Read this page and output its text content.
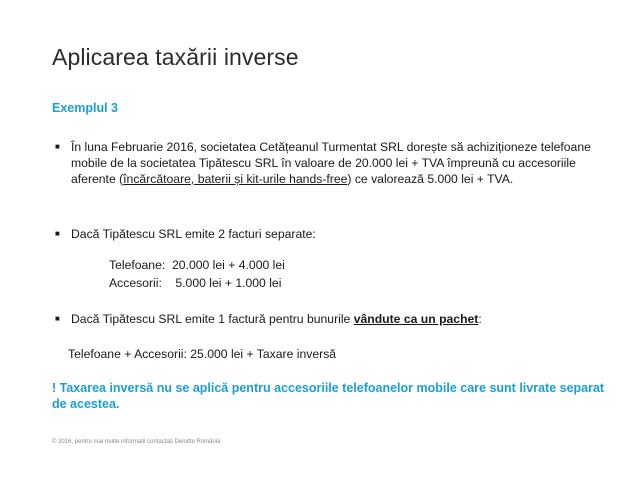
Aplicarea taxării inverse
Exemplul 3
■ În luna Februarie 2016, societatea Cetățeanul Turmentat SRL dorește să achiziționeze telefoane mobile de la societatea Tipătescu SRL în valoare de 20.000 lei + TVA împreună cu accesoriile aferente (încărcătoare, baterii și kit-urile hands-free) ce valorează 5.000 lei + TVA.
■ Dacă Tipătescu SRL emite 2 facturi separate:
Telefoane:  20.000 lei + 4.000 lei
Accesorii:    5.000 lei + 1.000 lei
■ Dacă Tipătescu SRL emite 1 factură pentru bunurile vândute ca un pachet:
Telefoane + Accesorii: 25.000 lei + Taxare inversă
! Taxarea inversă nu se aplică pentru accesoriile telefoanelor mobile care sunt livrate separat de acestea.
© 2016, pentru mai multe informații contactați Deloitte România
